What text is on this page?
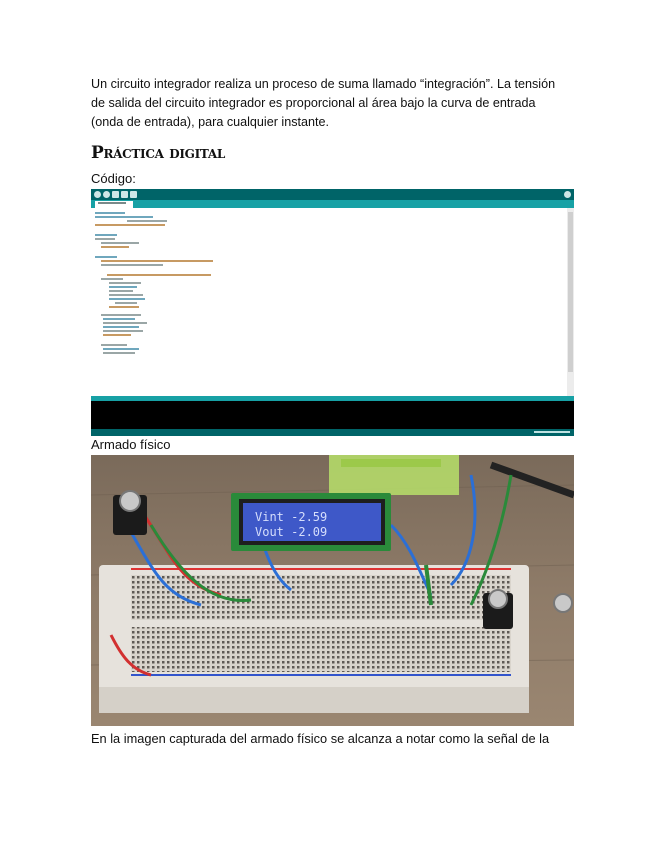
Un circuito integrador realiza un proceso de suma llamado “integración”. La tensión de salida del circuito integrador es proporcional al área bajo la curva de entrada (onda de entrada), para cualquier instante.
Práctica digital
Código:
Armado físico
Vint -2.59
Vout -2.09
En la imagen capturada del armado físico se alcanza a notar como la señal de la
